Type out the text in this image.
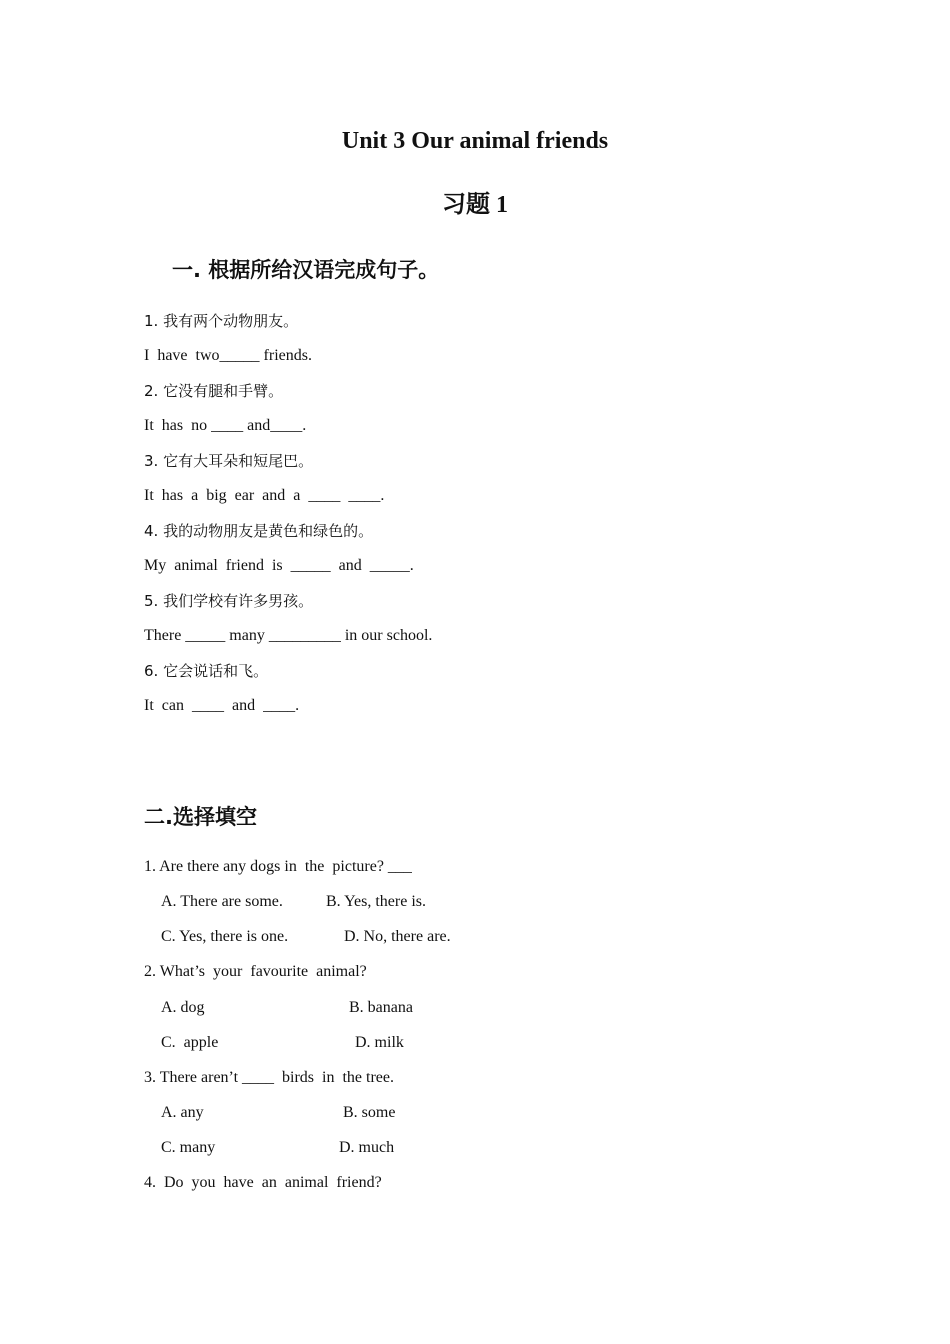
Unit 3 Our animal friends
习题 1
一. 根据所给汉语完成句子。
1. 我有两个动物朋友。
I  have  two_____ friends.
2. 它没有腿和手臂。
It  has  no ____ and____.
3. 它有大耳朵和短尾巴。
It  has  a  big  ear  and  a  ____  ____.
4. 我的动物朋友是黄色和绿色的。
My  animal  friend  is  _____  and  _____.
5. 我们学校有许多男孩。
There _____ many _________ in our school.
6. 它会说话和飞。
It  can  ____  and  ____.
二.选择填空
1. Are there any dogs in  the  picture? ___
A. There are some.	B. Yes, there is.
C. Yes, there is one.	D. No, there are.
2. What’s  your  favourite  animal?
A. dog	B. banana
C.  apple	D. milk
3. There aren’t ____  birds  in  the tree.
A. any	B. some
C. many	D. much
4.  Do  you  have  an  animal  friend?
